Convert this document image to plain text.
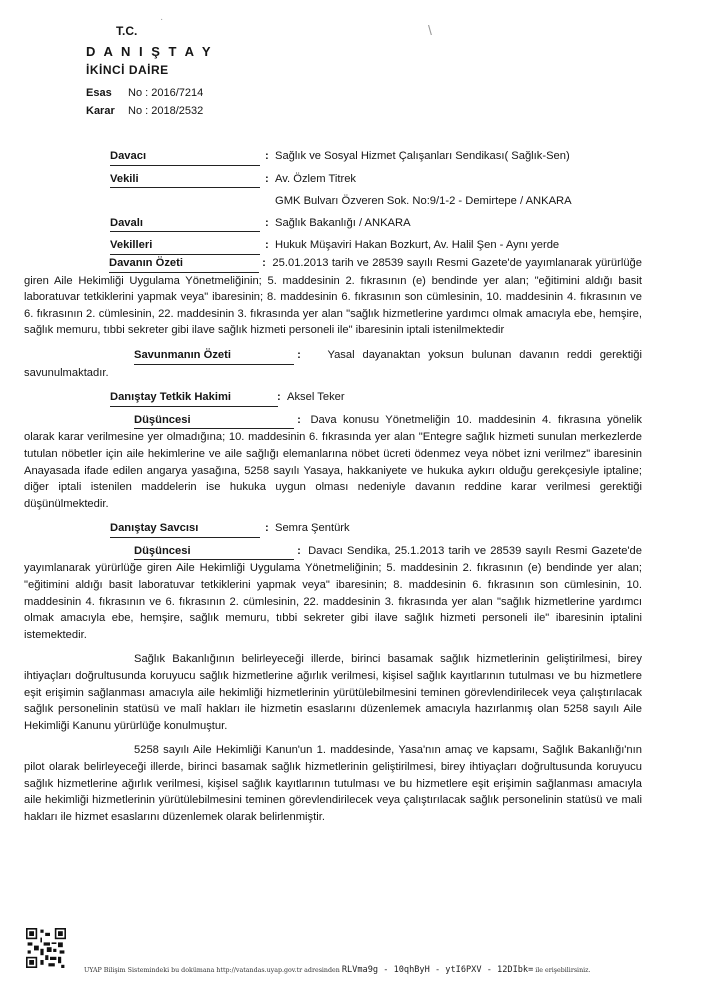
T.C.
D A N I Ş T A Y
İKİNCİ DAİRE
Esas No : 2016/7214
Karar No : 2018/2532
·
\
Davacı	: Sağlık ve Sosyal Hizmet Çalışanları Sendikası( Sağlık-Sen)
Vekili	: Av. Özlem Titrek
GMK Bulvarı Özveren Sok. No:9/1-2 - Demirtepe / ANKARA
Davalı	: Sağlık Bakanlığı / ANKARA
Vekilleri	: Hukuk Müşaviri Hakan Bozkurt, Av. Halil Şen - Aynı yerde
Davanın Özeti	: 25.01.2013 tarih ve 28539 sayılı Resmi Gazete'de yayımlanarak yürürlüğe giren Aile Hekimliği Uygulama Yönetmeliğinin; 5. maddesinin 2. fıkrasının (e) bendinde yer alan; "eğitimini aldığı basit laboratuvar tetkiklerini yapmak veya" ibaresinin; 8. maddesinin 6. fıkrasının son cümlesinin, 10. maddesinin 4. fıkrasının ve 6. fıkrasının 2. cümlesinin, 22. maddesinin 3. fıkrasında yer alan "sağlık hizmetlerine yardımcı olmak amacıyla ebe, hemşire, sağlık memuru, tıbbi sekreter gibi ilave sağlık hizmeti personeli ile" ibaresinin iptali istenilmektedir
Savunmanın Özeti	: Yasal dayanaktan yoksun bulunan davanın reddi gerektiği savunulmaktadır.
Danıştay Tetkik Hakimi	: Aksel Teker
Düşüncesi	: Dava konusu Yönetmeliğin 10. maddesinin 4. fıkrasına yönelik olarak karar verilmesine yer olmadığına; 10. maddesinin 6. fıkrasında yer alan "Entegre sağlık hizmeti sunulan merkezlerde tutulan nöbetler için aile hekimlerine ve aile sağlığı elemanlarına nöbet ücreti ödenmez veya nöbet izni verilmez" ibaresinin Anayasada ifade edilen angarya yasağına, 5258 sayılı Yasaya, hakkaniyete ve hukuka aykırı olduğu gerekçesiyle iptaline; diğer iptali istenilen maddelerin ise hukuka uygun olması nedeniyle davanın reddine karar verilmesi gerektiği düşünülmektedir.
Danıştay Savcısı	: Semra Şentürk
Düşüncesi	: Davacı Sendika, 25.1.2013 tarih ve 28539 sayılı Resmi Gazete'de yayımlanarak yürürlüğe giren Aile Hekimliği Uygulama Yönetmeliğinin; 5. maddesinin 2. fıkrasının (e) bendinde yer alan; "eğitimini aldığı basit laboratuvar tetkiklerini yapmak veya" ibaresinin; 8. maddesinin 6. fıkrasının son cümlesinin, 10. maddesinin 4. fıkrasının ve 6. fıkrasının 2. cümlesinin, 22. maddesinin 3. fıkrasında yer alan "sağlık hizmetlerine yardımcı olmak amacıyla ebe, hemşire, sağlık memuru, tıbbi sekreter gibi ilave sağlık hizmeti personeli ile" ibaresinin iptalini istemektedir.
Sağlık Bakanlığının belirleyeceği illerde, birinci basamak sağlık hizmetlerinin geliştirilmesi, birey ihtiyaçları doğrultusunda koruyucu sağlık hizmetlerine ağırlık verilmesi, kişisel sağlık kayıtlarının tutulması ve bu hizmetlere eşit erişimin sağlanması amacıyla aile hekimliği hizmetlerinin yürütülebilmesini teminen görevlendirilecek veya çalıştırılacak sağlık personelinin statüsü ve malî hakları ile hizmetin esaslarını düzenlemek amacıyla hazırlanmış olan 5258 sayılı Aile Hekimliği Kanunu yürürlüğe konulmuştur.
5258 sayılı Aile Hekimliği Kanun'un 1. maddesinde, Yasa'nın amaç ve kapsamı, Sağlık Bakanlığı'nın pilot olarak belirleyeceği illerde, birinci basamak sağlık hizmetlerinin geliştirilmesi, birey ihtiyaçları doğrultusunda koruyucu sağlık hizmetlerine ağırlık verilmesi, kişisel sağlık kayıtlarının tutulması ve bu hizmetlere eşit erişimin sağlanması amacıyla aile hekimliği hizmetlerinin yürütülebilmesini teminen görevlendirilecek veya çalıştırılacak sağlık personelinin statüsü ve mali hakları ile hizmet esaslarını düzenlemek olarak belirlenmiştir.
UYAP Bilişim Sistemindeki bu dokümana http://vatandas.uyap.gov.tr adresinden RLVma9g - 10qhByH - ytI6PXV - 12DIbk= ile erişebilirsiniz.
